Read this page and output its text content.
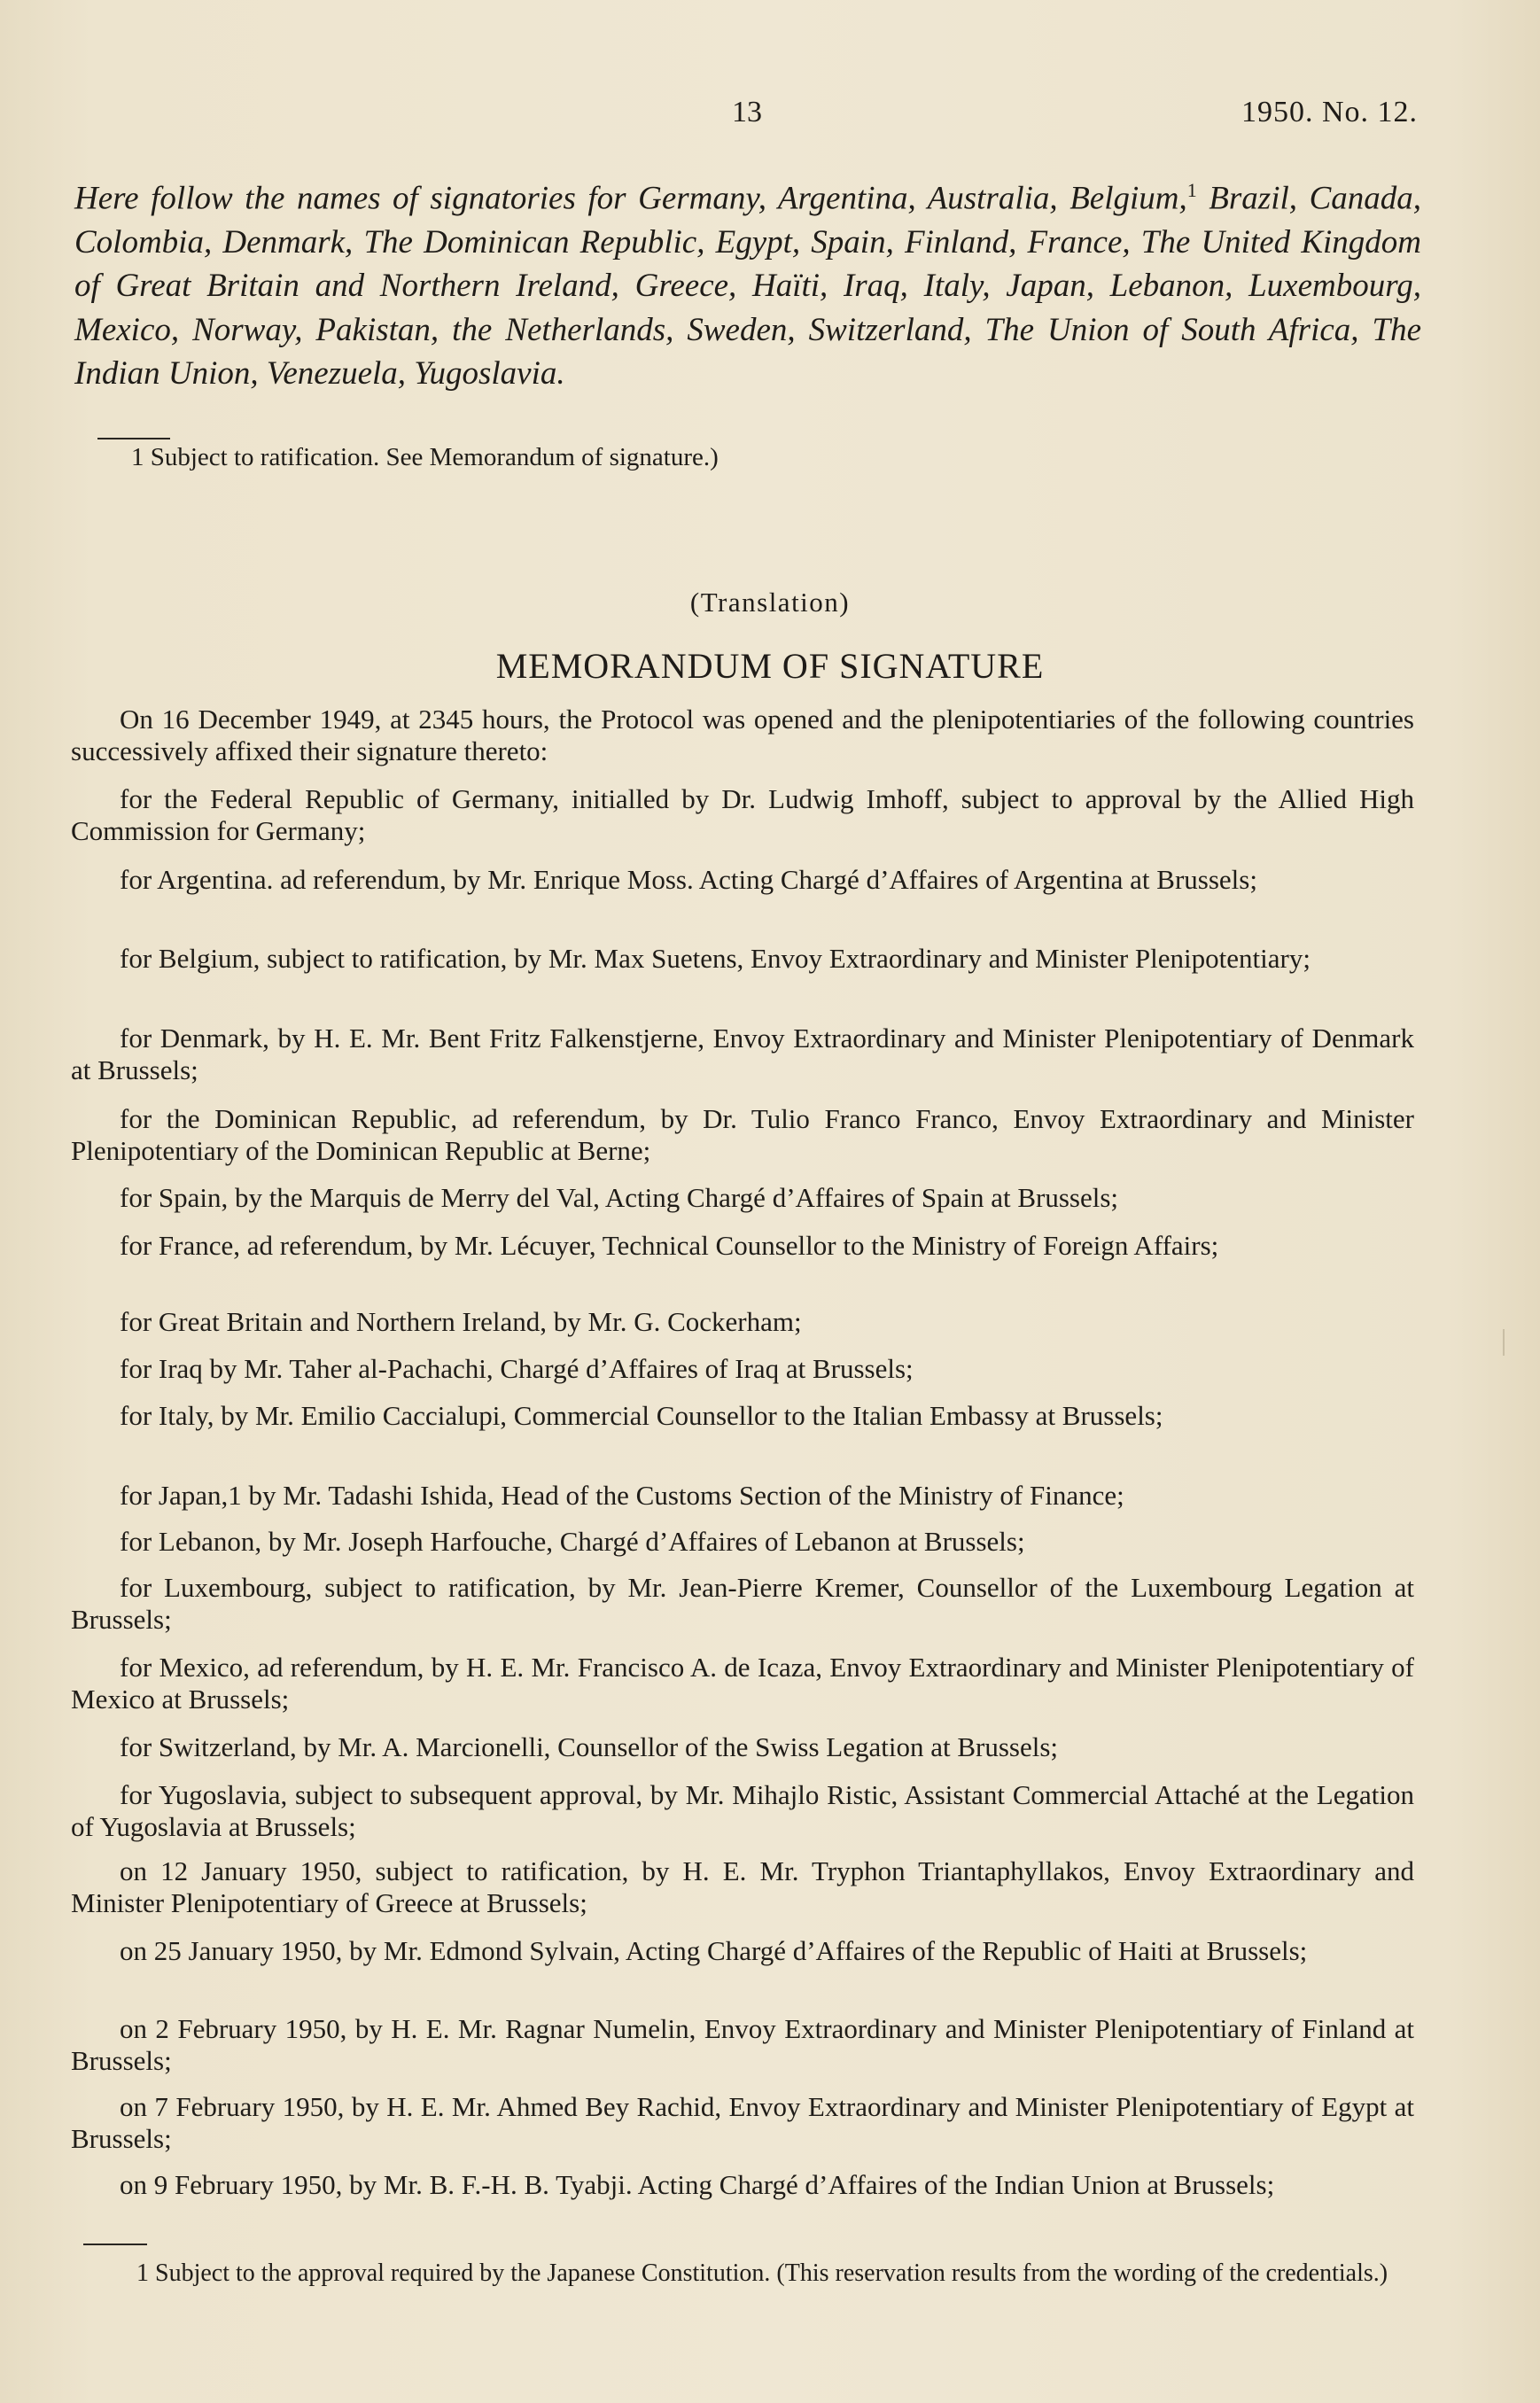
13	1950. No. 12.
Here follow the names of signatories for Germany, Argentina, Australia, Belgium,$^1$ Brazil, Canada, Colombia, Denmark, The Dominican Republic, Egypt, Spain, Finland, France, The United Kingdom of Great Britain and Northern Ireland, Greece, Haïti, Iraq, Italy, Japan, Lebanon, Luxembourg, Mexico, Norway, Pakistan, the Netherlands, Sweden, Switzerland, The Union of South Africa, The Indian Union, Venezuela, Yugoslavia.
1 Subject to ratification. See Memorandum of signature.)
(Translation)
MEMORANDUM OF SIGNATURE
On 16 December 1949, at 2345 hours, the Protocol was opened and the plenipotentiaries of the following countries successively affixed their signature thereto:
for the Federal Republic of Germany, initialled by Dr. Ludwig Imhoff, subject to approval by the Allied High Commission for Germany;
for Argentina. ad referendum, by Mr. Enrique Moss. Acting Chargé d’Affaires of Argentina at Brussels;
for Belgium, subject to ratification, by Mr. Max Suetens, Envoy Extraordinary and Minister Plenipotentiary;
for Denmark, by H. E. Mr. Bent Fritz Falkenstjerne, Envoy Extraordinary and Minister Plenipotentiary of Denmark at Brussels;
for the Dominican Republic, ad referendum, by Dr. Tulio Franco Franco, Envoy Extraordinary and Minister Plenipotentiary of the Dominican Republic at Berne;
for Spain, by the Marquis de Merry del Val, Acting Chargé d’Affaires of Spain at Brussels;
for France, ad referendum, by Mr. Lécuyer, Technical Counsellor to the Ministry of Foreign Affairs;
for Great Britain and Northern Ireland, by Mr. G. Cockerham;
for Iraq by Mr. Taher al-Pachachi, Chargé d’Affaires of Iraq at Brussels;
for Italy, by Mr. Emilio Caccialupi, Commercial Counsellor to the Italian Embassy at Brussels;
for Japan,1 by Mr. Tadashi Ishida, Head of the Customs Section of the Ministry of Finance;
for Lebanon, by Mr. Joseph Harfouche, Chargé d’Affaires of Lebanon at Brussels;
for Luxembourg, subject to ratification, by Mr. Jean-Pierre Kremer, Counsellor of the Luxembourg Legation at Brussels;
for Mexico, ad referendum, by H. E. Mr. Francisco A. de Icaza, Envoy Extraordinary and Minister Plenipotentiary of Mexico at Brussels;
for Switzerland, by Mr. A. Marcionelli, Counsellor of the Swiss Legation at Brussels;
for Yugoslavia, subject to subsequent approval, by Mr. Mihajlo Ristic, Assistant Commercial Attaché at the Legation of Yugoslavia at Brussels;
on 12 January 1950, subject to ratification, by H. E. Mr. Tryphon Triantaphyllakos, Envoy Extraordinary and Minister Plenipotentiary of Greece at Brussels;
on 25 January 1950, by Mr. Edmond Sylvain, Acting Chargé d’Affaires of the Republic of Haiti at Brussels;
on 2 February 1950, by H. E. Mr. Ragnar Numelin, Envoy Extraordinary and Minister Plenipotentiary of Finland at Brussels;
on 7 February 1950, by H. E. Mr. Ahmed Bey Rachid, Envoy Extraordinary and Minister Plenipotentiary of Egypt at Brussels;
on 9 February 1950, by Mr. B. F.-H. B. Tyabji. Acting Chargé d’Affaires of the Indian Union at Brussels;
1 Subject to the approval required by the Japanese Constitution. (This reservation results from the wording of the credentials.)
